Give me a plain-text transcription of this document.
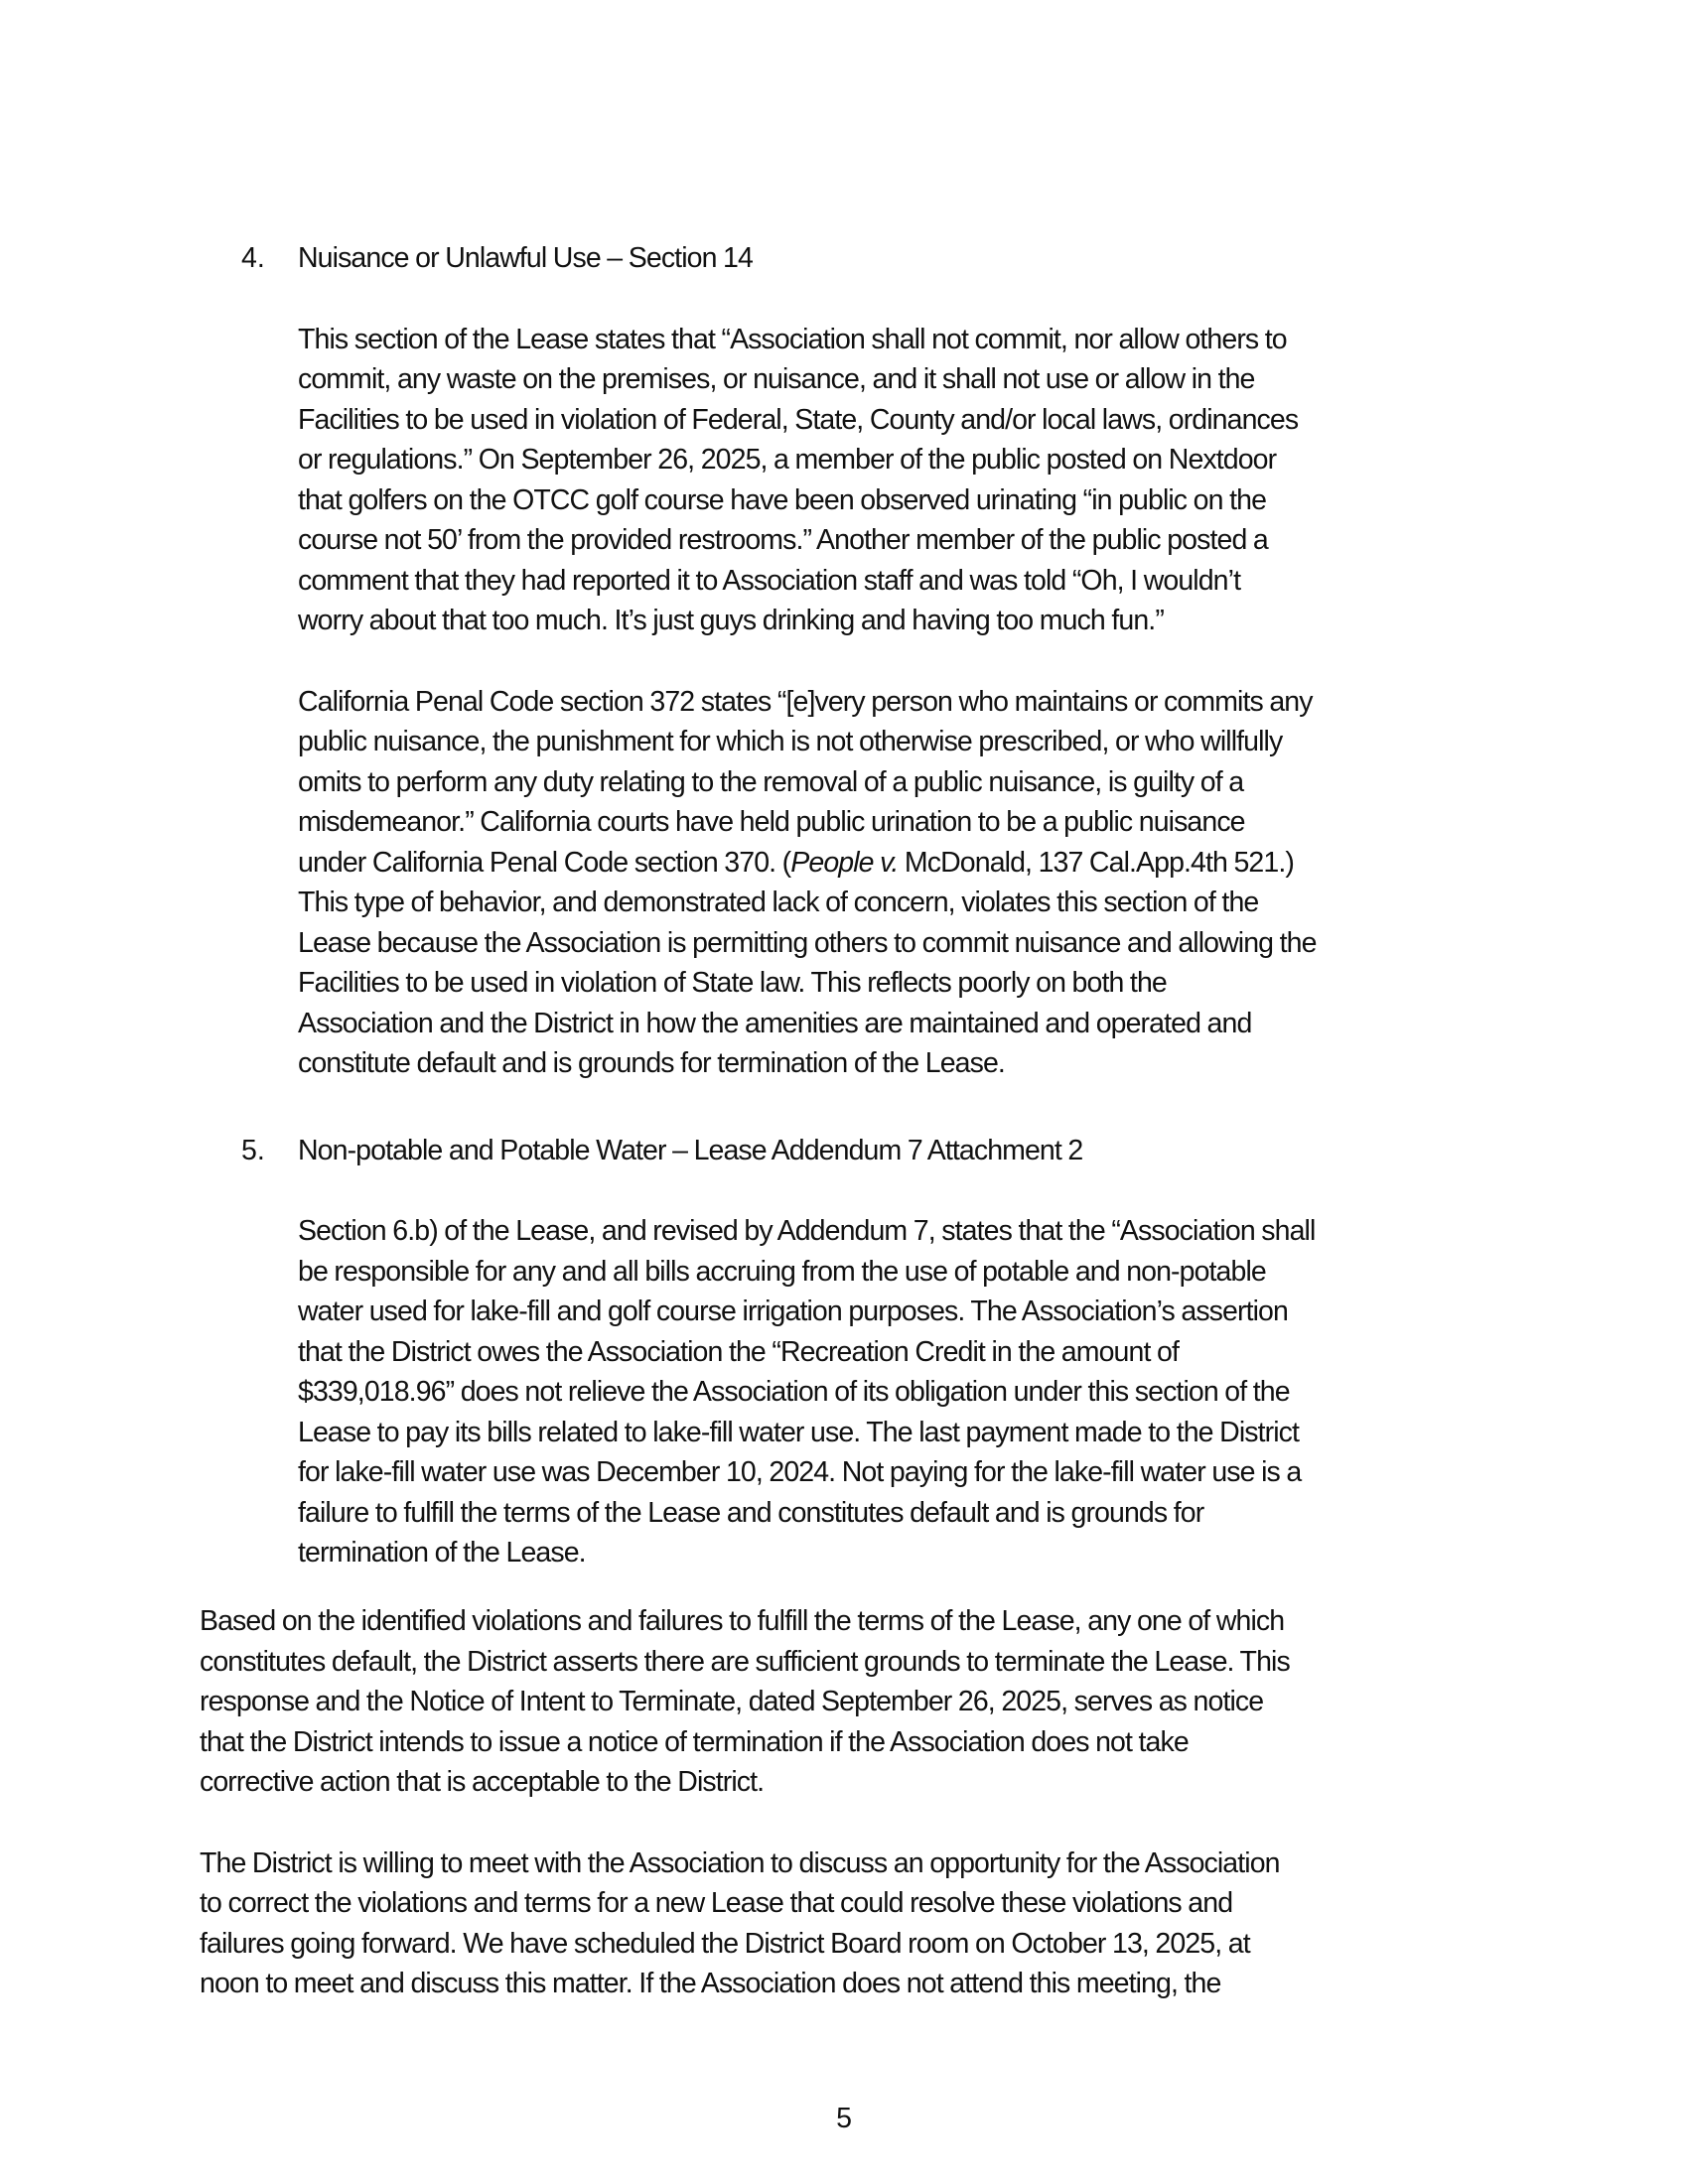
4. Nuisance or Unlawful Use – Section 14
This section of the Lease states that “Association shall not commit, nor allow others to
commit, any waste on the premises, or nuisance, and it shall not use or allow in the
Facilities to be used in violation of Federal, State, County and/or local laws, ordinances
or regulations.” On September 26, 2025, a member of the public posted on Nextdoor
that golfers on the OTCC golf course have been observed urinating “in public on the
course not 50’ from the provided restrooms.” Another member of the public posted a
comment that they had reported it to Association staff and was told “Oh, I wouldn’t
worry about that too much. It’s just guys drinking and having too much fun.”
California Penal Code section 372 states “[e]very person who maintains or commits any
public nuisance, the punishment for which is not otherwise prescribed, or who willfully
omits to perform any duty relating to the removal of a public nuisance, is guilty of a
misdemeanor.” California courts have held public urination to be a public nuisance
under California Penal Code section 370. (People v. McDonald, 137 Cal.App.4th 521.)
This type of behavior, and demonstrated lack of concern, violates this section of the
Lease because the Association is permitting others to commit nuisance and allowing the
Facilities to be used in violation of State law. This reflects poorly on both the
Association and the District in how the amenities are maintained and operated and
constitute default and is grounds for termination of the Lease.
5. Non-potable and Potable Water – Lease Addendum 7 Attachment 2
Section 6.b) of the Lease, and revised by Addendum 7, states that the “Association shall
be responsible for any and all bills accruing from the use of potable and non-potable
water used for lake-fill and golf course irrigation purposes. The Association’s assertion
that the District owes the Association the “Recreation Credit in the amount of
$339,018.96” does not relieve the Association of its obligation under this section of the
Lease to pay its bills related to lake-fill water use. The last payment made to the District
for lake-fill water use was December 10, 2024. Not paying for the lake-fill water use is a
failure to fulfill the terms of the Lease and constitutes default and is grounds for
termination of the Lease.
Based on the identified violations and failures to fulfill the terms of the Lease, any one of which
constitutes default, the District asserts there are sufficient grounds to terminate the Lease. This
response and the Notice of Intent to Terminate, dated September 26, 2025, serves as notice
that the District intends to issue a notice of termination if the Association does not take
corrective action that is acceptable to the District.
The District is willing to meet with the Association to discuss an opportunity for the Association
to correct the violations and terms for a new Lease that could resolve these violations and
failures going forward. We have scheduled the District Board room on October 13, 2025, at
noon to meet and discuss this matter. If the Association does not attend this meeting, the
5
